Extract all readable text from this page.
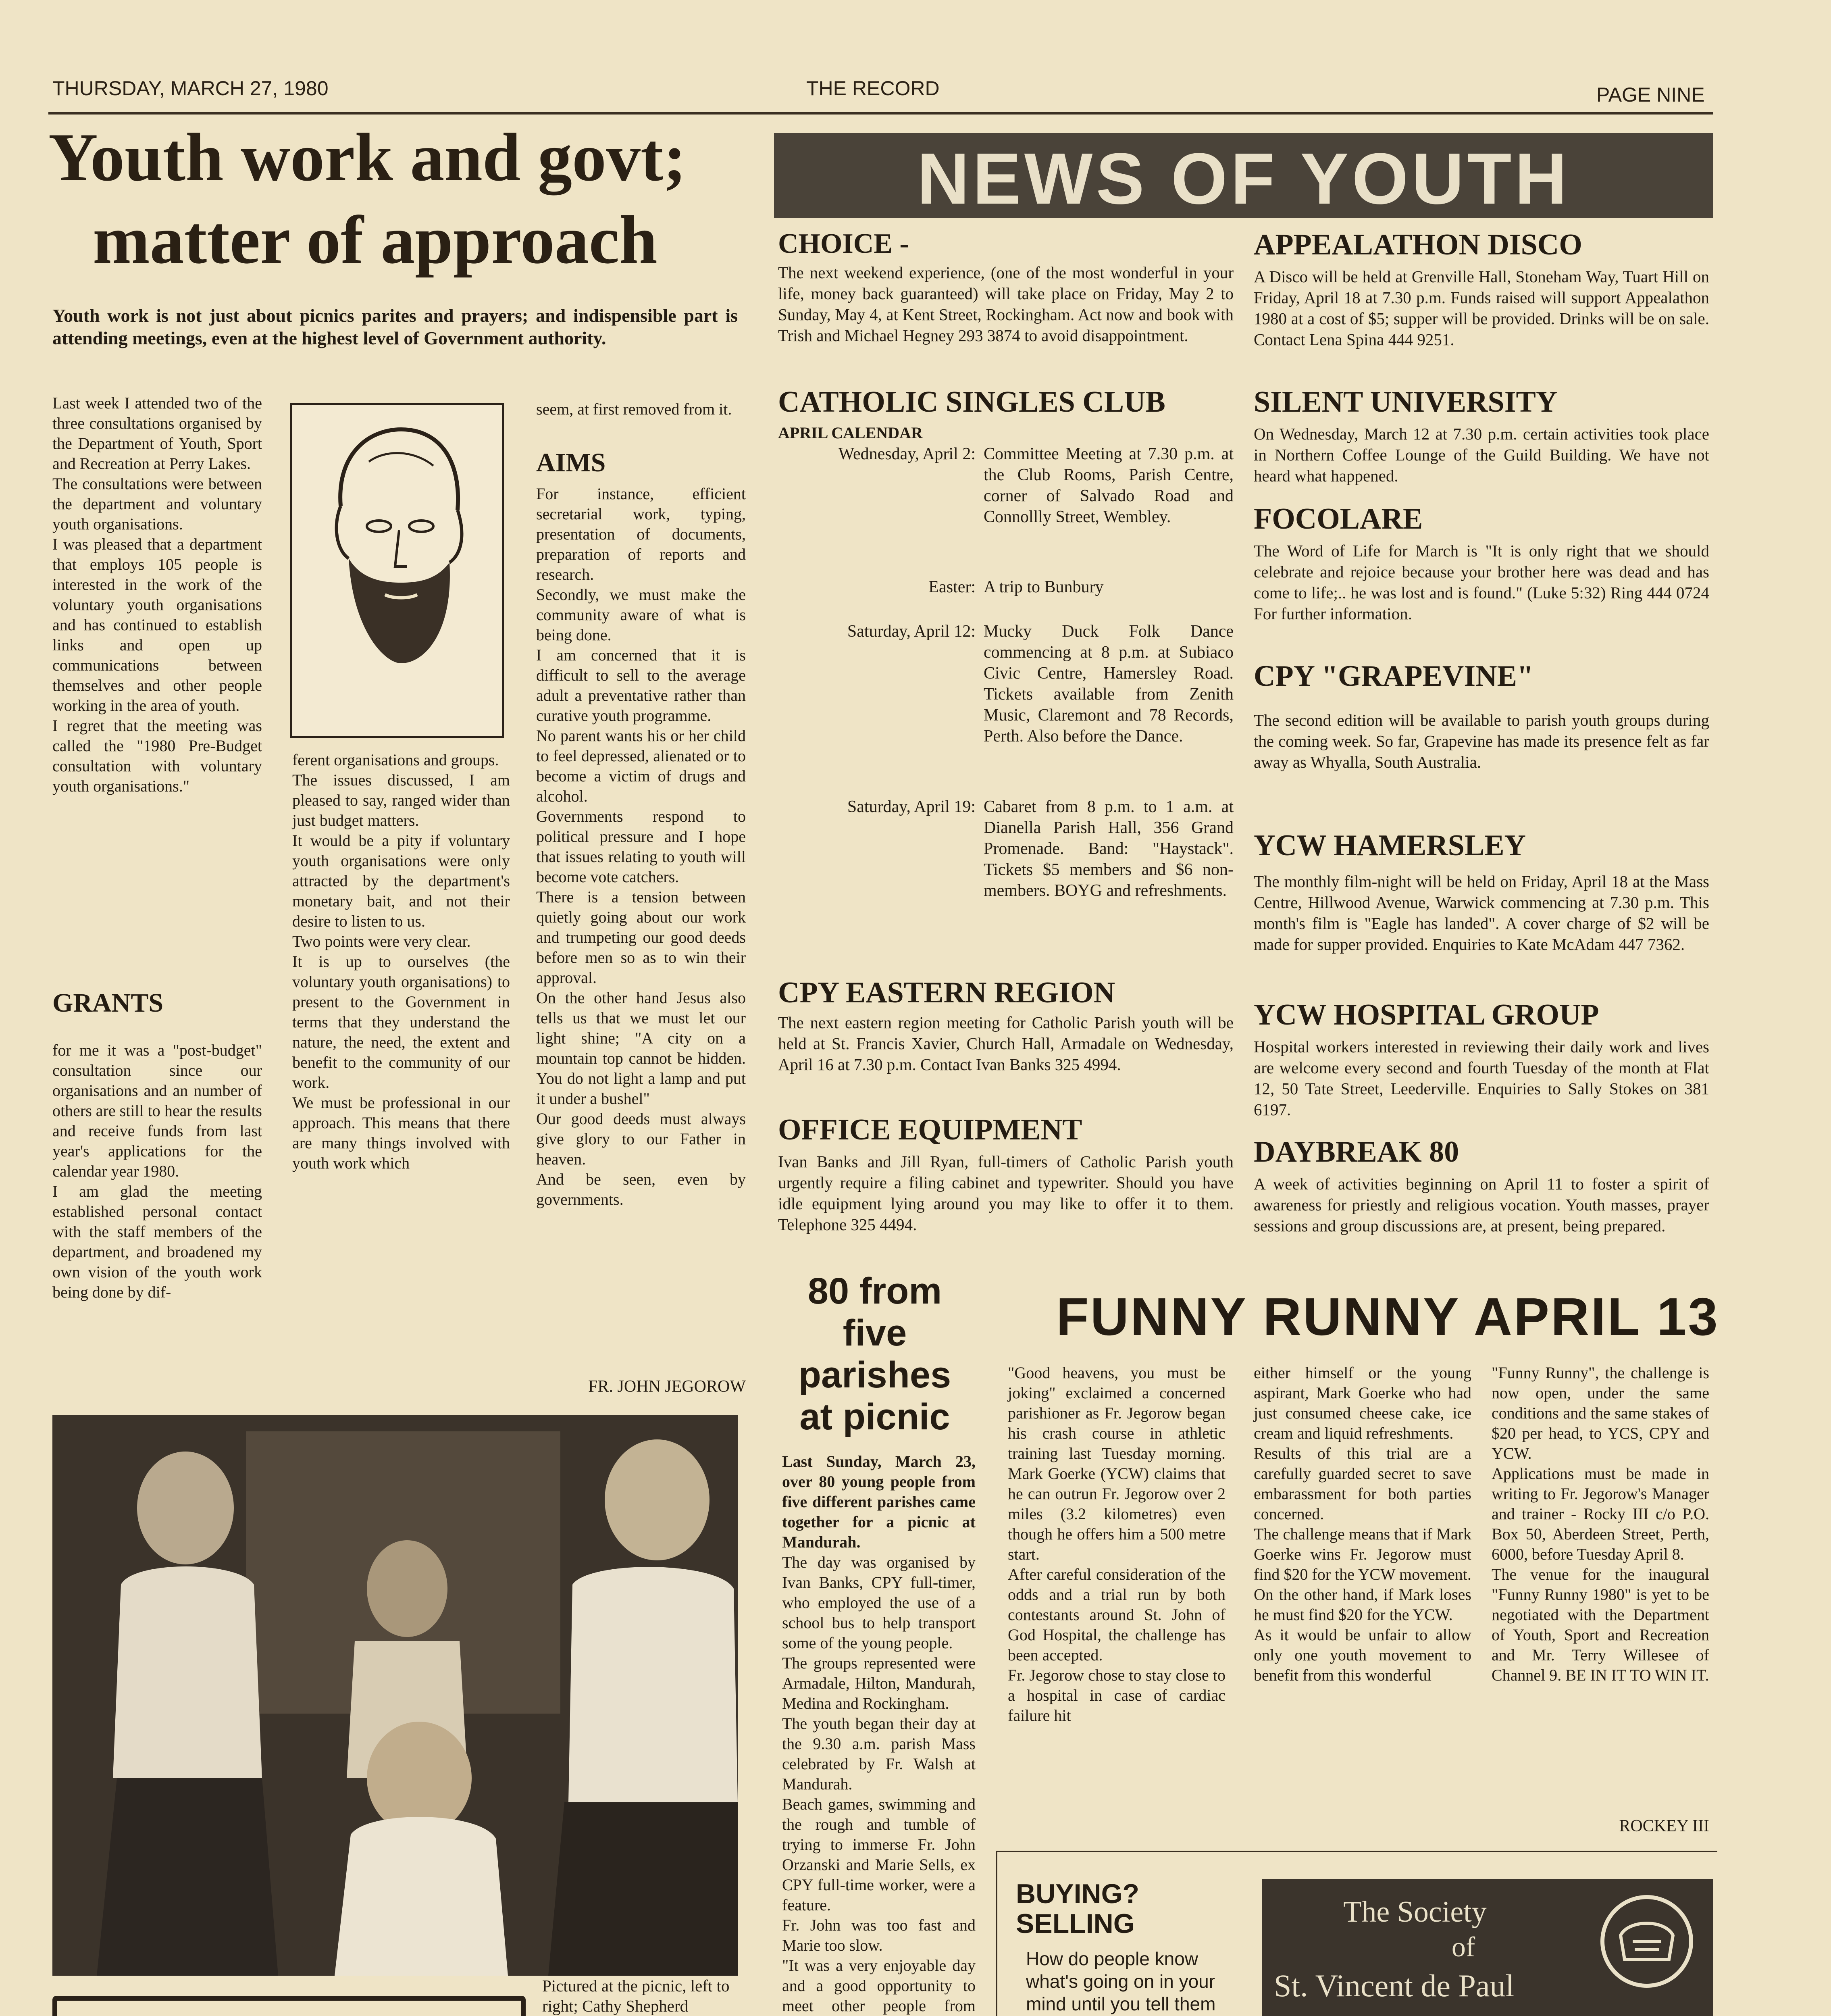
THURSDAY, MARCH 27, 1980	THE RECORD	PAGE NINE
Youth work and govt;
matter of approach
Youth work is not just about picnics parites and prayers; and indispensible part is attending meetings, even at the highest level of Government authority.
Last week I attended two of the three consultations organised by the Department of Youth, Sport and Recreation at Perry Lakes.
The consultations were between the department and voluntary youth organisations.
I was pleased that a department that employs 105 people is interested in the work of the voluntary youth organisations and has continued to establish links and open up communications between themselves and other people working in the area of youth.
I regret that the meeting was called the "1980 Pre-Budget consultation with voluntary youth organisations."
GRANTS
for me it was a "post-budget" consultation since our organisations and an number of others are still to hear the results and receive funds from last year's applications for the calendar year 1980.
I am glad the meeting established personal contact with the staff members of the department, and broadened my own vision of the youth work being done by dif-
ferent organisations and groups.
The issues discussed, I am pleased to say, ranged wider than just budget matters.
It would be a pity if voluntary youth organisations were only attracted by the department's monetary bait, and not their desire to listen to us.
Two points were very clear.
It is up to ourselves (the voluntary youth organisations) to present to the Government in terms that they understand the nature, the need, the extent and benefit to the community of our work.
We must be professional in our approach. This means that there are many things involved with youth work which
seem, at first removed from it.
AIMS
For instance, efficient secretarial work, typing, presentation of documents, preparation of reports and research.
Secondly, we must make the community aware of what is being done.
I am concerned that it is difficult to sell to the average adult a preventative rather than curative youth programme.
No parent wants his or her child to feel depressed, alienated or to become a victim of drugs and alcohol.
Governments respond to political pressure and I hope that issues relating to youth will become vote catchers.
There is a tension between quietly going about our work and trumpeting our good deeds before men so as to win their approval.
On the other hand Jesus also tells us that we must let our light shine; "A city on a mountain top cannot be hidden. You do not light a lamp and put it under a bushel"
Our good deeds must always give glory to our Father in heaven.
And be seen, even by governments.
FR. JOHN JEGOROW
Pictured at the picnic, left to right; Cathy Shepherd

NEWS OF YOUTH
CHOICE -
The next weekend experience, (one of the most wonderful in your life, money back guaranteed) will take place on Friday, May 2 to Sunday, May 4, at Kent Street, Rockingham. Act now and book with Trish and Michael Hegney 293 3874 to avoid disappointment.
CATHOLIC SINGLES CLUB
APRIL CALENDAR
Wednesday, April 2: Committee Meeting at 7.30 p.m. at the Club Rooms, Parish Centre, corner of Salvado Road and Connollly Street, Wembley.
Easter: A trip to Bunbury
Saturday, April 12: Mucky Duck Folk Dance commencing at 8 p.m. at Subiaco Civic Centre, Hamersley Road. Tickets available from Zenith Music, Claremont and 78 Records, Perth. Also before the Dance.
Saturday, April 19: Cabaret from 8 p.m. to 1 a.m. at Dianella Parish Hall, 356 Grand Promenade. Band: "Haystack". Tickets $5 members and $6 non-members. BOYG and refreshments.
CPY EASTERN REGION
The next eastern region meeting for Catholic Parish youth will be held at St. Francis Xavier, Church Hall, Armadale on Wednesday, April 16 at 7.30 p.m. Contact Ivan Banks 325 4994.
OFFICE EQUIPMENT
Ivan Banks and Jill Ryan, full-timers of Catholic Parish youth urgently require a filing cabinet and typewriter. Should you have idle equipment lying around you may like to offer it to them. Telephone 325 4494.
APPEALATHON DISCO
A Disco will be held at Grenville Hall, Stoneham Way, Tuart Hill on Friday, April 18 at 7.30 p.m. Funds raised will support Appealathon 1980 at a cost of $5; supper will be provided. Drinks will be on sale. Contact Lena Spina 444 9251.
SILENT UNIVERSITY
On Wednesday, March 12 at 7.30 p.m. certain activities took place in Northern Coffee Lounge of the Guild Building. We have not heard what happened.
FOCOLARE
The Word of Life for March is "It is only right that we should celebrate and rejoice because your brother here was dead and has come to life;.. he was lost and is found." (Luke 5:32) Ring 444 0724 For further information.
CPY "GRAPEVINE"
The second edition will be available to parish youth groups during the coming week. So far, Grapevine has made its presence felt as far away as Whyalla, South Australia.
YCW HAMERSLEY
The monthly film-night will be held on Friday, April 18 at the Mass Centre, Hillwood Avenue, Warwick commencing at 7.30 p.m. This month's film is "Eagle has landed". A cover charge of $2 will be made for supper provided. Enquiries to Kate McAdam 447 7362.
YCW HOSPITAL GROUP
Hospital workers interested in reviewing their daily work and lives are welcome every second and fourth Tuesday of the month at Flat 12, 50 Tate Street, Leederville. Enquiries to Sally Stokes on 381 6197.
DAYBREAK 80
A week of activities beginning on April 11 to foster a spirit of awareness for priestly and religious vocation. Youth masses, prayer sessions and group discussions are, at present, being prepared.
80 from
five
parishes
at picnic
Last Sunday, March 23, over 80 young people from five different parishes came together for a picnic at Mandurah.
The day was organised by Ivan Banks, CPY full-timer, who employed the use of a school bus to help transport some of the young people.
The groups represented were Armadale, Hilton, Mandurah, Medina and Rockingham.
The youth began their day at the 9.30 a.m. parish Mass celebrated by Fr. Walsh at Mandurah.
Beach games, swimming and the rough and tumble of trying to immerse Fr. John Orzanski and Marie Sells, ex CPY full-time worker, were a feature.
Fr. John was too fast and Marie too slow.
"It was a very enjoyable day and a good opportunity to meet other people from
FUNNY RUNNY APRIL 13
"Good heavens, you must be joking" exclaimed a concerned parishioner as Fr. Jegorow began his crash course in athletic training last Tuesday morning. Mark Goerke (YCW) claims that he can outrun Fr. Jegorow over 2 miles (3.2 kilometres) even though he offers him a 500 metre start.
After careful consideration of the odds and a trial run by both contestants around St. John of God Hospital, the challenge has been accepted.
Fr. Jegorow chose to stay close to a hospital in case of cardiac failure hit
either himself or the young aspirant, Mark Goerke who had just consumed cheese cake, ice cream and liquid refreshments.
Results of this trial are a carefully guarded secret to save embarassment for both parties concerned.
The challenge means that if Mark Goerke wins Fr. Jegorow must find $20 for the YCW movement.
On the other hand, if Mark loses he must find $20 for the YCW.
As it would be unfair to allow only one youth movement to benefit from this wonderful
"Funny Runny", the challenge is now open, under the same conditions and the same stakes of $20 per head, to YCS, CPY and YCW.
Applications must be made in writing to Fr. Jegorow's Manager and trainer - Rocky III c/o P.O. Box 50, Aberdeen Street, Perth, 6000, before Tuesday April 8.
The venue for the inaugural "Funny Runny 1980" is yet to be negotiated with the Department of Youth, Sport and Recreation and Mr. Terry Willesee of Channel 9. BE IN IT TO WIN IT.
ROCKEY III
BUYING?
SELLING
How do people know what's going on in your mind until you tell them
The Society
of
St. Vincent de Paul
